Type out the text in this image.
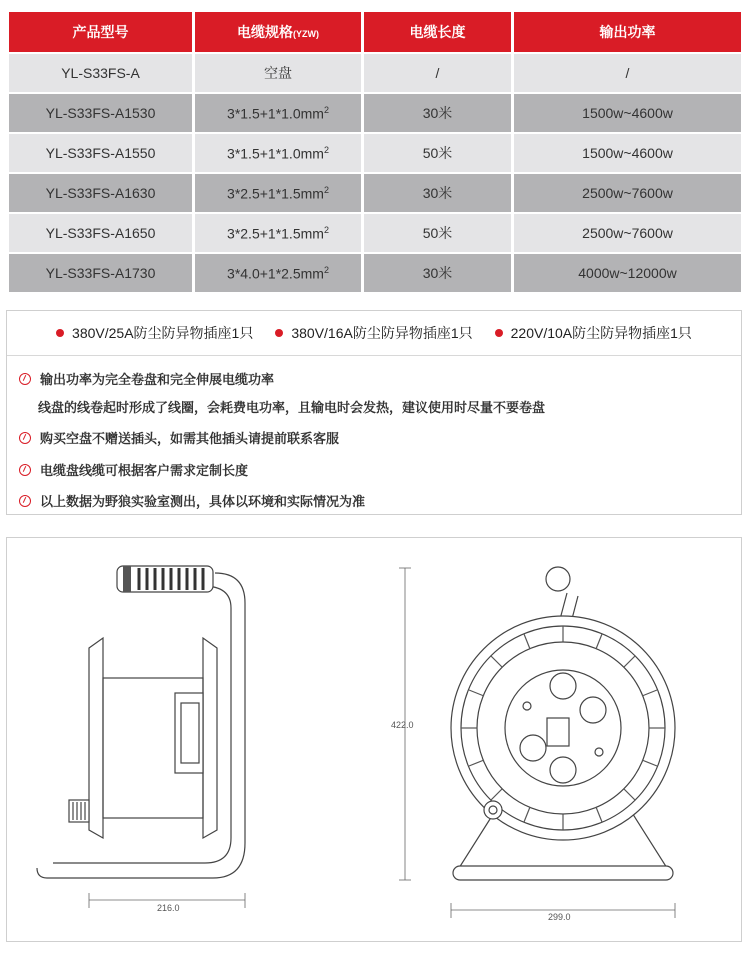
产品型号	电缆规格(YZW)	电缆长度	输出功率
YL-S33FS-A	空盘	/	/
YL-S33FS-A1530	$3*1.5+1*1.0mm^2$	30米	1500w~4600w
YL-S33FS-A1550	$3*1.5+1*1.0mm^2$	50米	1500w~4600w
YL-S33FS-A1630	$3*2.5+1*1.5mm^2$	30米	2500w~7600w
YL-S33FS-A1650	$3*2.5+1*1.5mm^2$	50米	2500w~7600w
YL-S33FS-A1730	$3*4.0+1*2.5mm^2$	30米	4000w~12000w
380V/25A防尘防异物插座1只	380V/16A防尘防异物插座1只	220V/10A防尘防异物插座1只
输出功率为完全卷盘和完全伸展电缆功率
线盘的线卷起时形成了线圈，会耗费电功率，且输电时会发热，建议使用时尽量不要卷盘
购买空盘不赠送插头，如需其他插头请提前联系客服
电缆盘线缆可根据客户需求定制长度
以上数据为野狼实验室测出，具体以环境和实际情况为准
216.0
299.0
422.0
